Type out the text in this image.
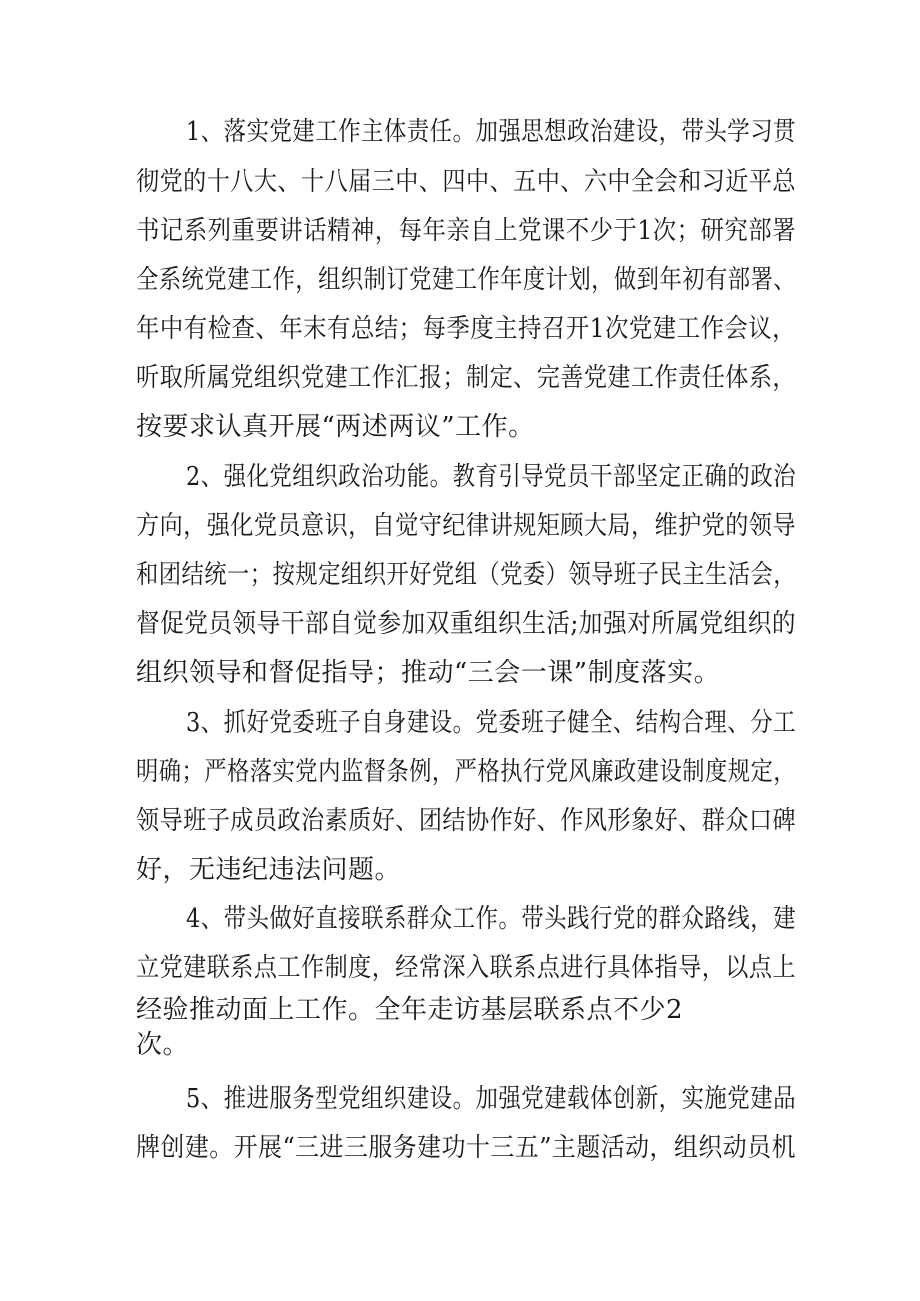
1、落实党建工作主体责任。加强思想政治建设，带头学习贯
彻党的十八大、十八届三中、四中、五中、六中全会和习近平总
书记系列重要讲话精神，每年亲自上党课不少于1次；研究部署
全系统党建工作，组织制订党建工作年度计划，做到年初有部署、
年中有检查、年末有总结；每季度主持召开1次党建工作会议，
听取所属党组织党建工作汇报；制定、完善党建工作责任体系，
按要求认真开展“两述两议”工作。
2、强化党组织政治功能。教育引导党员干部坚定正确的政治
方向，强化党员意识，自觉守纪律讲规矩顾大局，维护党的领导
和团结统一；按规定组织开好党组（党委）领导班子民主生活会，
督促党员领导干部自觉参加双重组织生活;加强对所属党组织的
组织领导和督促指导；推动“三会一课”制度落实。
3、抓好党委班子自身建设。党委班子健全、结构合理、分工
明确；严格落实党内监督条例，严格执行党风廉政建设制度规定，
领导班子成员政治素质好、团结协作好、作风形象好、群众口碑
好，无违纪违法问题。
4、带头做好直接联系群众工作。带头践行党的群众路线，建
立党建联系点工作制度，经常深入联系点进行具体指导，以点上
经验推动面上工作。全年走访基层联系点不少2
次。
5、推进服务型党组织建设。加强党建载体创新，实施党建品
牌创建。开展“三进三服务建功十三五”主题活动，组织动员机
